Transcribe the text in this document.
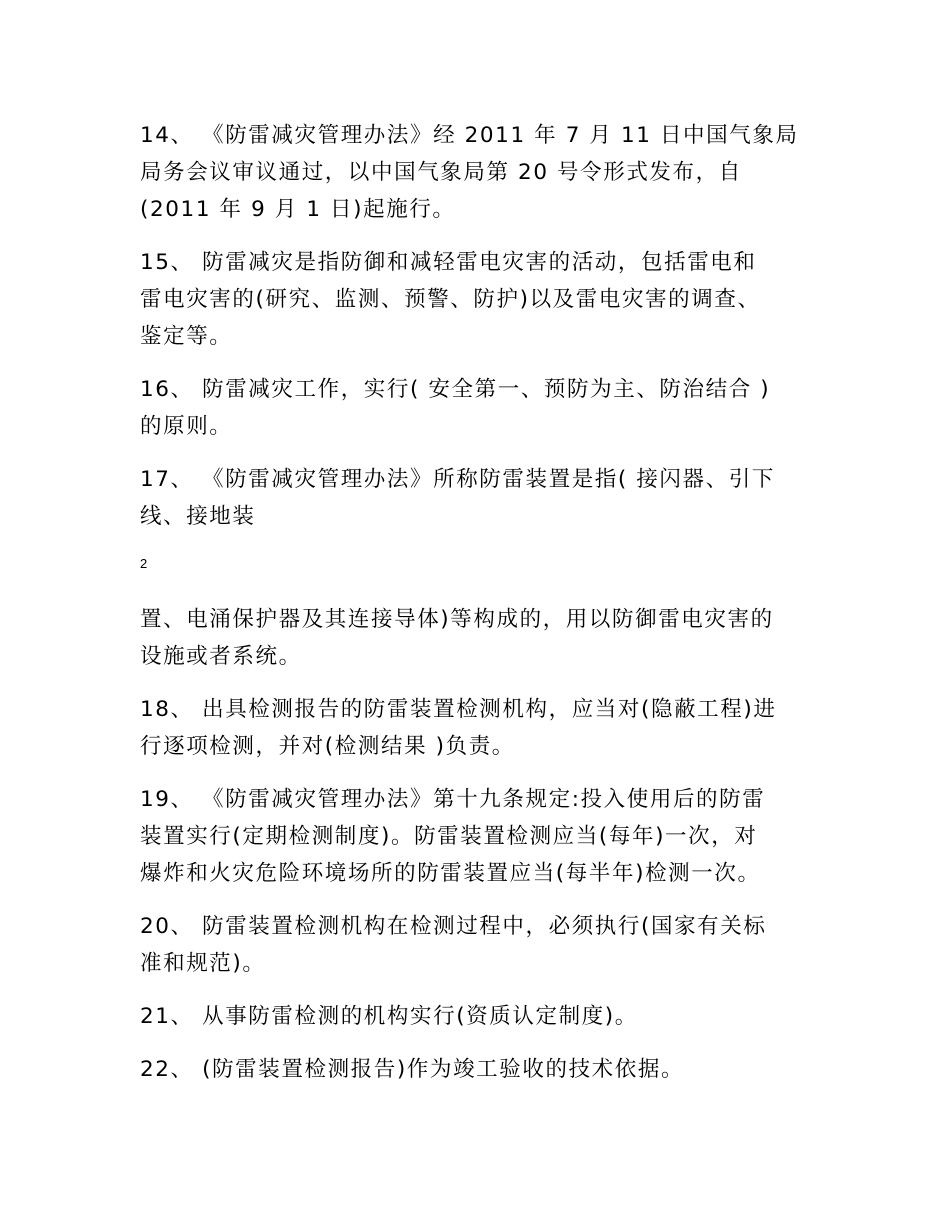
14、 《防雷减灾管理办法》经 2011 年 7 月 11 日中国气象局
局务会议审议通过，以中国气象局第 20 号令形式发布，自
(2011 年 9 月 1 日)起施行。
15、 防雷减灾是指防御和减轻雷电灾害的活动，包括雷电和
雷电灾害的(研究、监测、预警、防护)以及雷电灾害的调查、
鉴定等。
16、 防雷减灾工作，实行( 安全第一、预防为主、防治结合 )
的原则。
17、 《防雷减灾管理办法》所称防雷装置是指( 接闪器、引下
线、接地装
2
置、电涌保护器及其连接导体)等构成的，用以防御雷电灾害的
设施或者系统。
18、 出具检测报告的防雷装置检测机构，应当对(隐蔽工程)进
行逐项检测，并对(检测结果 )负责。
19、 《防雷减灾管理办法》第十九条规定:投入使用后的防雷
装置实行(定期检测制度)。防雷装置检测应当(每年)一次，对
爆炸和火灾危险环境场所的防雷装置应当(每半年)检测一次。
20、 防雷装置检测机构在检测过程中，必须执行(国家有关标
准和规范)。
21、 从事防雷检测的机构实行(资质认定制度)。
22、 (防雷装置检测报告)作为竣工验收的技术依据。
